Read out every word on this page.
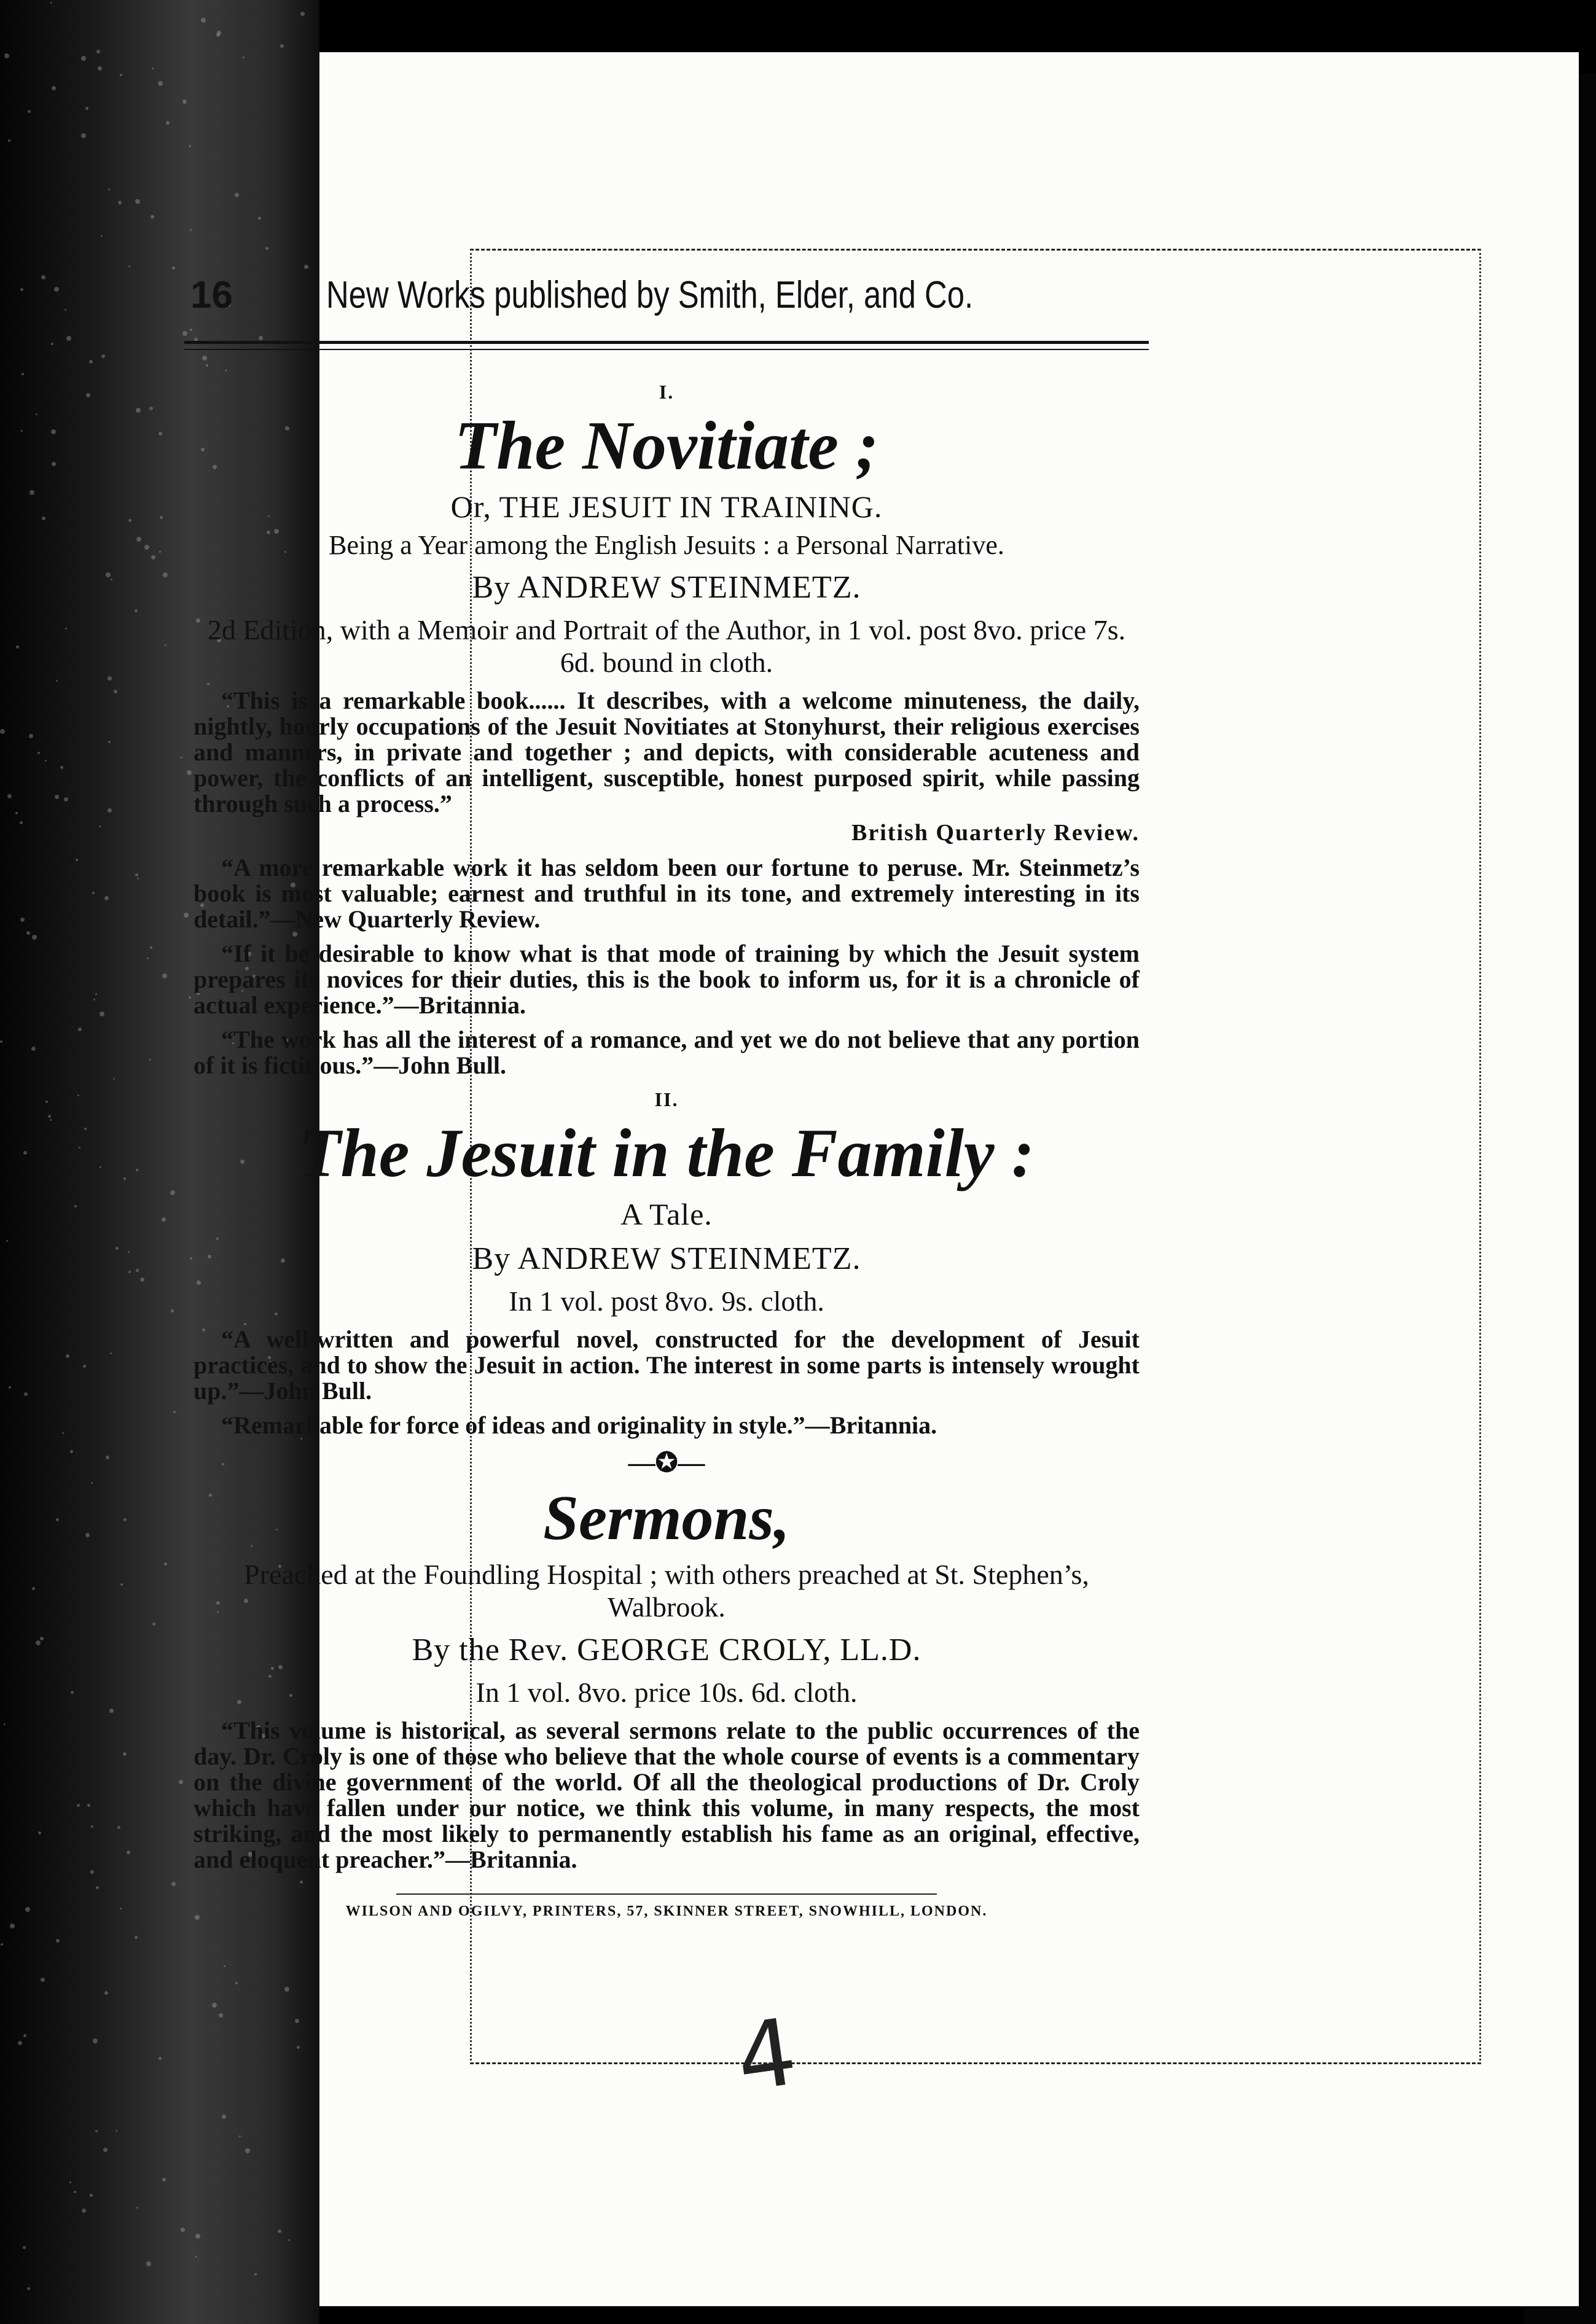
16	New Works published by Smith, Elder, and Co.

I.

The Novitiate ;

Or, THE JESUIT IN TRAINING.

Being a Year among the English Jesuits : a Personal Narrative.

By ANDREW STEINMETZ.

2d Edition, with a Memoir and Portrait of the Author, in 1 vol. post 8vo. price 7s. 6d. bound in cloth.

“This is a remarkable book...... It describes, with a welcome minuteness, the daily, nightly, hourly occupations of the Jesuit Novitiates at Stonyhurst, their religious exercises and manners, in private and together ; and depicts, with considerable acuteness and power, the conflicts of an intelligent, susceptible, honest purposed spirit, while passing through such a process.”

British Quarterly Review.

“A more remarkable work it has seldom been our fortune to peruse. Mr. Steinmetz’s book is most valuable; earnest and truthful in its tone, and extremely interesting in its detail.”—New Quarterly Review.

“If it be desirable to know what is that mode of training by which the Jesuit system prepares its novices for their duties, this is the book to inform us, for it is a chronicle of actual experience.”—Britannia.

“The work has all the interest of a romance, and yet we do not believe that any portion of it is fictitious.”—John Bull.

II.

The Jesuit in the Family :

A Tale.

By ANDREW STEINMETZ.

In 1 vol. post 8vo. 9s. cloth.

“A well-written and powerful novel, constructed for the development of Jesuit practices, and to show the Jesuit in action. The interest in some parts is intensely wrought up.”—John Bull.

“Remarkable for force of ideas and originality in style.”—Britannia.

—✪—

Sermons,

Preached at the Foundling Hospital ; with others preached at St. Stephen’s, Walbrook.

By the Rev. GEORGE CROLY, LL.D.

In 1 vol. 8vo. price 10s. 6d. cloth.

“This volume is historical, as several sermons relate to the public occurrences of the day. Dr. Croly is one of those who believe that the whole course of events is a commentary on the divine government of the world. Of all the theological productions of Dr. Croly which have fallen under our notice, we think this volume, in many respects, the most striking, and the most likely to permanently establish his fame as an original, effective, and eloquent preacher.”—Britannia.

WILSON AND OGILVY, PRINTERS, 57, SKINNER STREET, SNOWHILL, LONDON.

4
